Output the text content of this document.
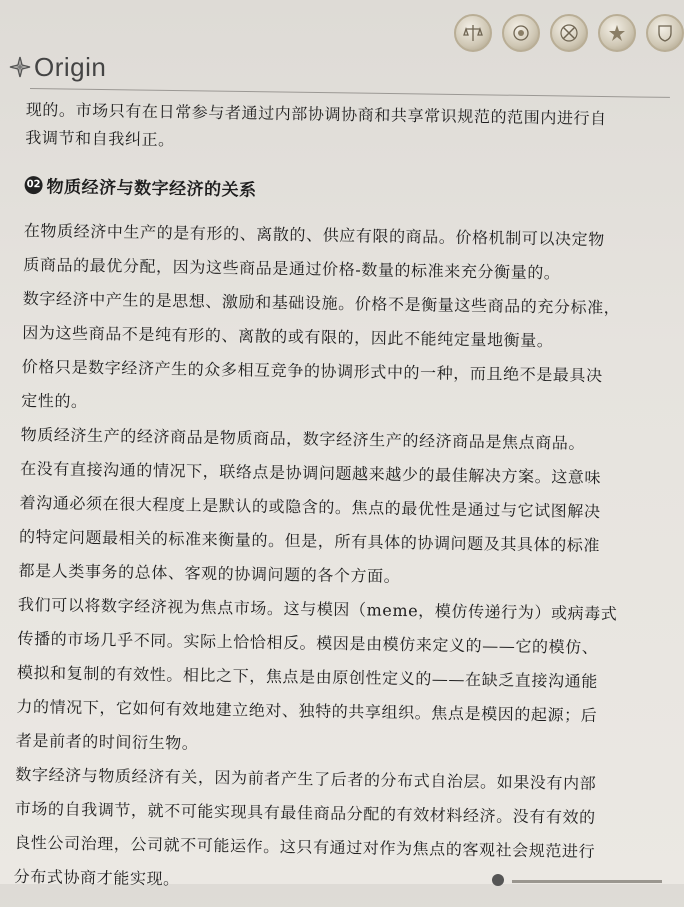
Origin

现的。市场只有在日常参与者通过内部协调协商和共享常识规范的范围内进行自

我调节和自我纠正。

02 物质经济与数字经济的关系

在物质经济中生产的是有形的、离散的、供应有限的商品。价格机制可以决定物

质商品的最优分配，因为这些商品是通过价格-数量的标准来充分衡量的。

数字经济中产生的是思想、激励和基础设施。价格不是衡量这些商品的充分标准，

因为这些商品不是纯有形的、离散的或有限的，因此不能纯定量地衡量。

价格只是数字经济产生的众多相互竞争的协调形式中的一种，而且绝不是最具决

定性的。

物质经济生产的经济商品是物质商品，数字经济生产的经济商品是焦点商品。

在没有直接沟通的情况下，联络点是协调问题越来越少的最佳解决方案。这意味

着沟通必须在很大程度上是默认的或隐含的。焦点的最优性是通过与它试图解决

的特定问题最相关的标准来衡量的。但是，所有具体的协调问题及其具体的标准

都是人类事务的总体、客观的协调问题的各个方面。

我们可以将数字经济视为焦点市场。这与模因（meme，模仿传递行为）或病毒式

传播的市场几乎不同。实际上恰恰相反。模因是由模仿来定义的——它的模仿、

模拟和复制的有效性。相比之下，焦点是由原创性定义的——在缺乏直接沟通能

力的情况下，它如何有效地建立绝对、独特的共享组织。焦点是模因的起源；后

者是前者的时间衍生物。

数字经济与物质经济有关，因为前者产生了后者的分布式自治层。如果没有内部

市场的自我调节，就不可能实现具有最佳商品分配的有效材料经济。没有有效的

良性公司治理，公司就不可能运作。这只有通过对作为焦点的客观社会规范进行

分布式协商才能实现。
